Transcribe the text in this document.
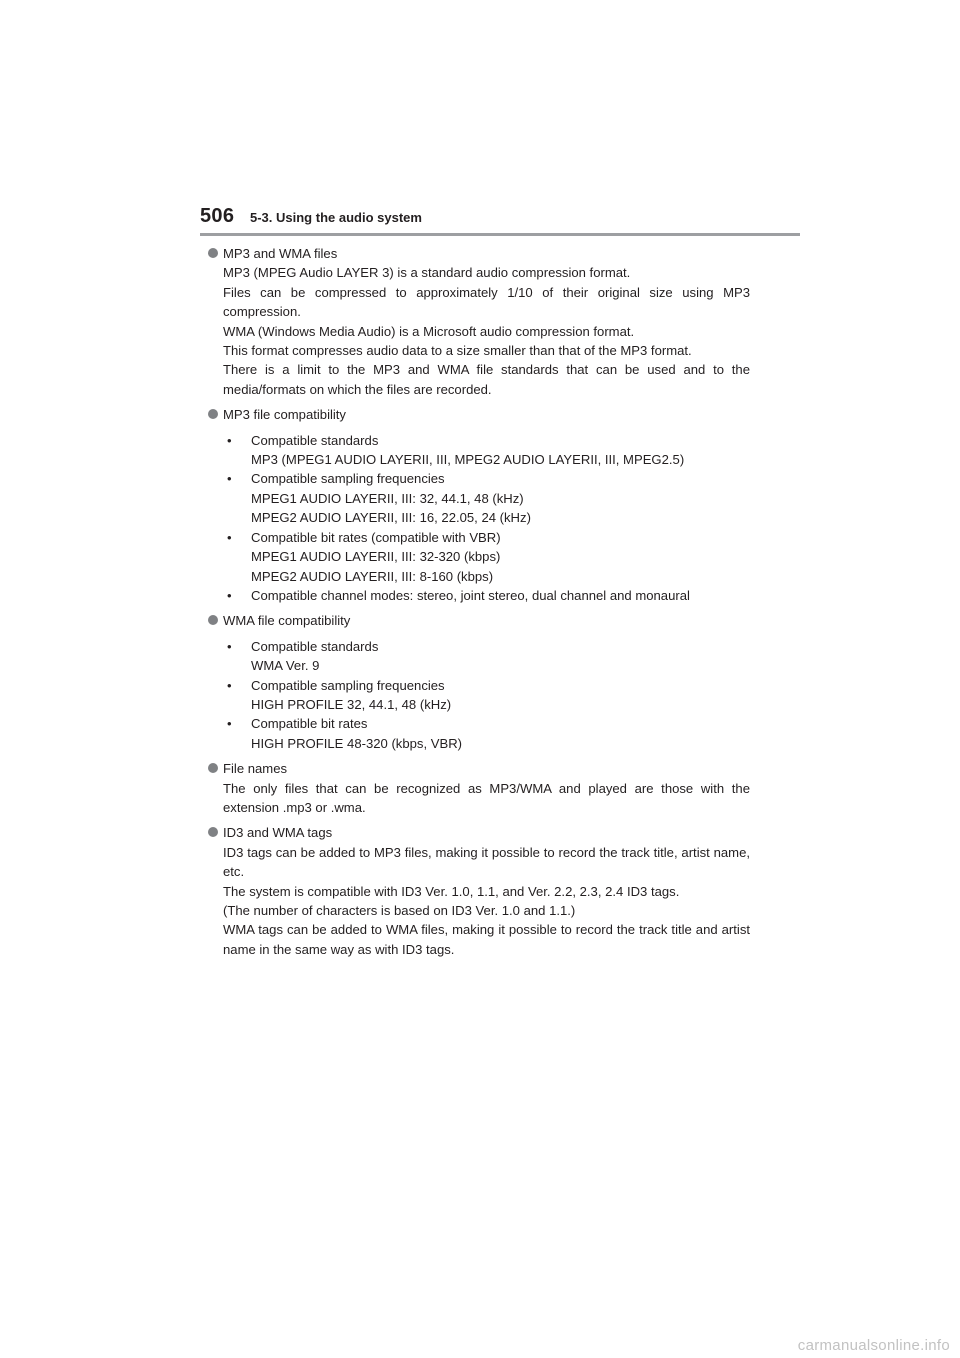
506 5-3. Using the audio system

MP3 and WMA files

MP3 (MPEG Audio LAYER 3) is a standard audio compression format.

Files can be compressed to approximately 1/10 of their original size using MP3 compression.

WMA (Windows Media Audio) is a Microsoft audio compression format.

This format compresses audio data to a size smaller than that of the MP3 format.

There is a limit to the MP3 and WMA file standards that can be used and to the media/formats on which the files are recorded.

MP3 file compatibility

• Compatible standards
MP3 (MPEG1 AUDIO LAYERII, III, MPEG2 AUDIO LAYERII, III, MPEG2.5)
• Compatible sampling frequencies
MPEG1 AUDIO LAYERII, III: 32, 44.1, 48 (kHz)
MPEG2 AUDIO LAYERII, III: 16, 22.05, 24 (kHz)
• Compatible bit rates (compatible with VBR)
MPEG1 AUDIO LAYERII, III: 32-320 (kbps)
MPEG2 AUDIO LAYERII, III: 8-160 (kbps)
• Compatible channel modes: stereo, joint stereo, dual channel and monaural

WMA file compatibility

• Compatible standards
WMA Ver. 9
• Compatible sampling frequencies
HIGH PROFILE 32, 44.1, 48 (kHz)
• Compatible bit rates
HIGH PROFILE 48-320 (kbps, VBR)

File names

The only files that can be recognized as MP3/WMA and played are those with the extension .mp3 or .wma.

ID3 and WMA tags

ID3 tags can be added to MP3 files, making it possible to record the track title, artist name, etc.

The system is compatible with ID3 Ver. 1.0, 1.1, and Ver. 2.2, 2.3, 2.4 ID3 tags.

(The number of characters is based on ID3 Ver. 1.0 and 1.1.)

WMA tags can be added to WMA files, making it possible to record the track title and artist name in the same way as with ID3 tags.

carmanualsonline.info
